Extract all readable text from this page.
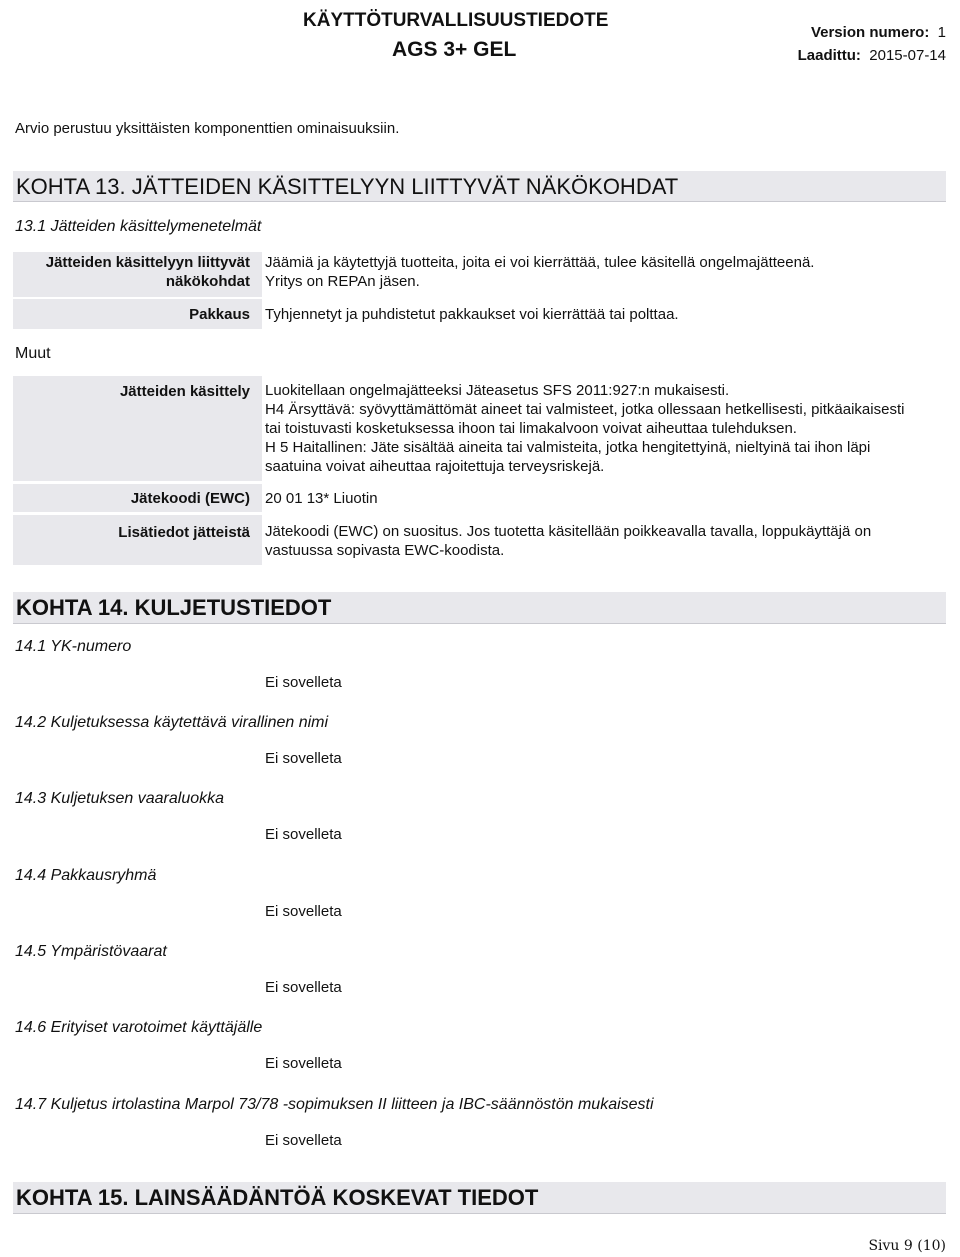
KÄYTTÖTURVALLISUUSTIEDOTE
AGS 3+ GEL
Version numero: 1
Laadittu: 2015-07-14
Arvio perustuu yksittäisten komponenttien ominaisuuksiin.
KOHTA 13. JÄTTEIDEN KÄSITTELYYN LIITTYVÄT NÄKÖKOHDAT
13.1 Jätteiden käsittelymenetelmät
Jätteiden käsittelyyn liittyvät
näkökohdat
Jäämiä ja käytettyjä tuotteita, joita ei voi kierrättää, tulee käsitellä ongelmajätteenä.
Yritys on REPAn jäsen.
Pakkaus Tyhjennetyt ja puhdistetut pakkaukset voi kierrättää tai polttaa.
Muut
Jätteiden käsittely Luokitellaan ongelmajätteeksi Jäteasetus SFS 2011:927:n mukaisesti.
H4 Ärsyttävä: syövyttämättömät aineet tai valmisteet, jotka ollessaan hetkellisesti, pitkäaikaisesti
tai toistuvasti kosketuksessa ihoon tai limakalvoon voivat aiheuttaa tulehduksen.
H 5 Haitallinen: Jäte sisältää aineita tai valmisteita, jotka hengitettyinä, nieltyinä tai ihon läpi
saatuina voivat aiheuttaa rajoitettuja terveysriskejä.
Jätekoodi (EWC) 20 01 13* Liuotin
Lisätiedot jätteistä Jätekoodi (EWC) on suositus. Jos tuotetta käsitellään poikkeavalla tavalla, loppukäyttäjä on
vastuussa sopivasta EWC-koodista.
KOHTA 14. KULJETUSTIEDOT
14.1 YK-numero
Ei sovelleta
14.2 Kuljetuksessa käytettävä virallinen nimi
Ei sovelleta
14.3 Kuljetuksen vaaraluokka
Ei sovelleta
14.4 Pakkausryhmä
Ei sovelleta
14.5 Ympäristövaarat
Ei sovelleta
14.6 Erityiset varotoimet käyttäjälle
Ei sovelleta
14.7 Kuljetus irtolastina Marpol 73/78 -sopimuksen II liitteen ja IBC-säännöstön mukaisesti
Ei sovelleta
KOHTA 15. LAINSÄÄDÄNTÖÄ KOSKEVAT TIEDOT
Sivu 9 (10)
